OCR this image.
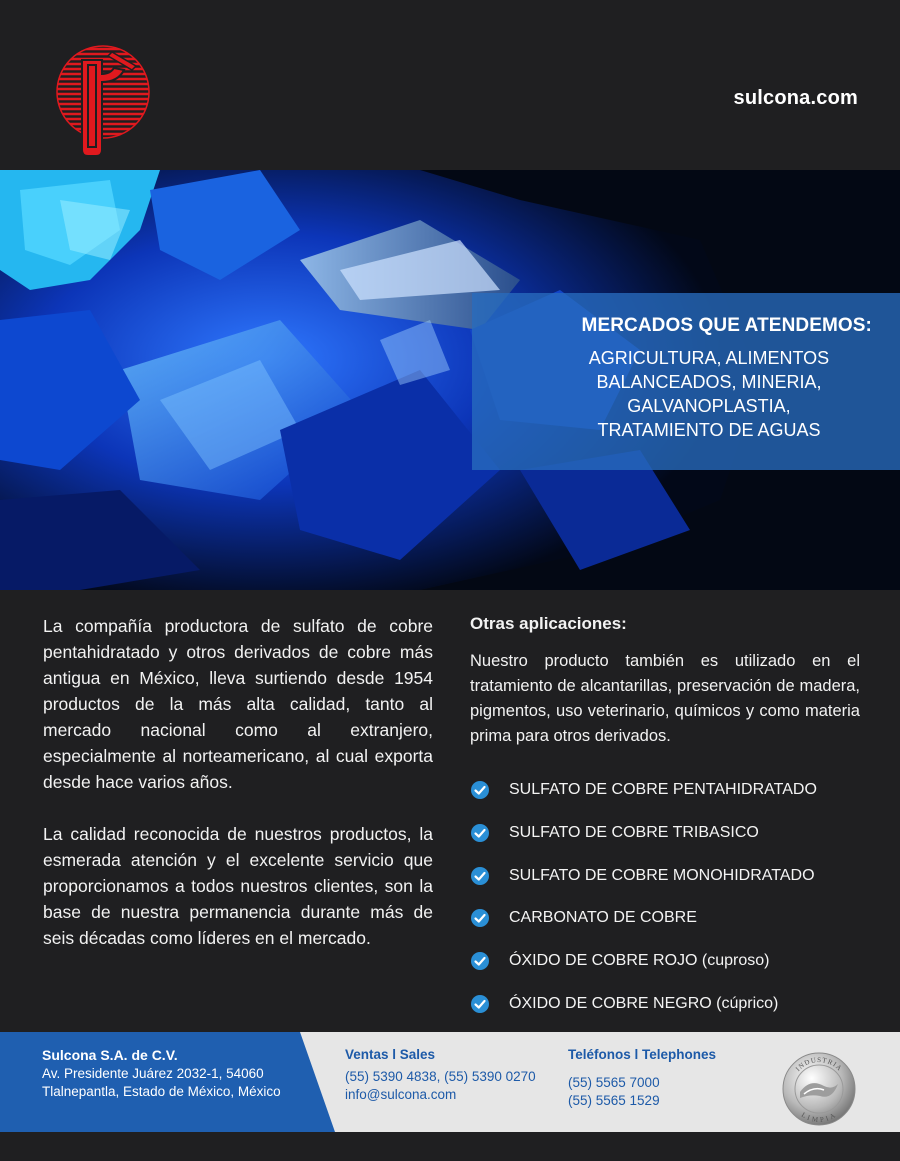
sulcona.com
MERCADOS QUE ATENDEMOS:
AGRICULTURA, ALIMENTOS
BALANCEADOS, MINERIA,
GALVANOPLASTIA,
TRATAMIENTO DE AGUAS

La compañía productora de sulfato de cobre pentahidratado y otros derivados de cobre más antigua en México, lleva surtiendo desde 1954 productos de la más alta calidad, tanto al mercado nacional como al extranjero, especialmente al norteamericano, al cual exporta desde hace varios años.

La calidad reconocida de nuestros productos, la esmerada atención y el excelente servicio que proporcionamos a todos nuestros clientes, son la base de nuestra permanencia durante más de seis décadas como líderes en el mercado.

Otras aplicaciones:
Nuestro producto también es utilizado en el tratamiento de alcantarillas, preservación de madera, pigmentos, uso veterinario, químicos y como materia prima para otros derivados.
SULFATO DE COBRE PENTAHIDRATADO
SULFATO DE COBRE TRIBASICO
SULFATO DE COBRE MONOHIDRATADO
CARBONATO DE COBRE
ÓXIDO DE COBRE ROJO (cuproso)
ÓXIDO DE COBRE NEGRO (cúprico)
Sulcona S.A. de C.V.
Av. Presidente Juárez 2032-1, 54060
Tlalnepantla, Estado de México, México
Ventas l Sales
(55) 5390 4838, (55) 5390 0270
info@sulcona.com
Teléfonos l Telephones
(55) 5565 7000
(55) 5565 1529
INDUSTRIA
LIMPIA
